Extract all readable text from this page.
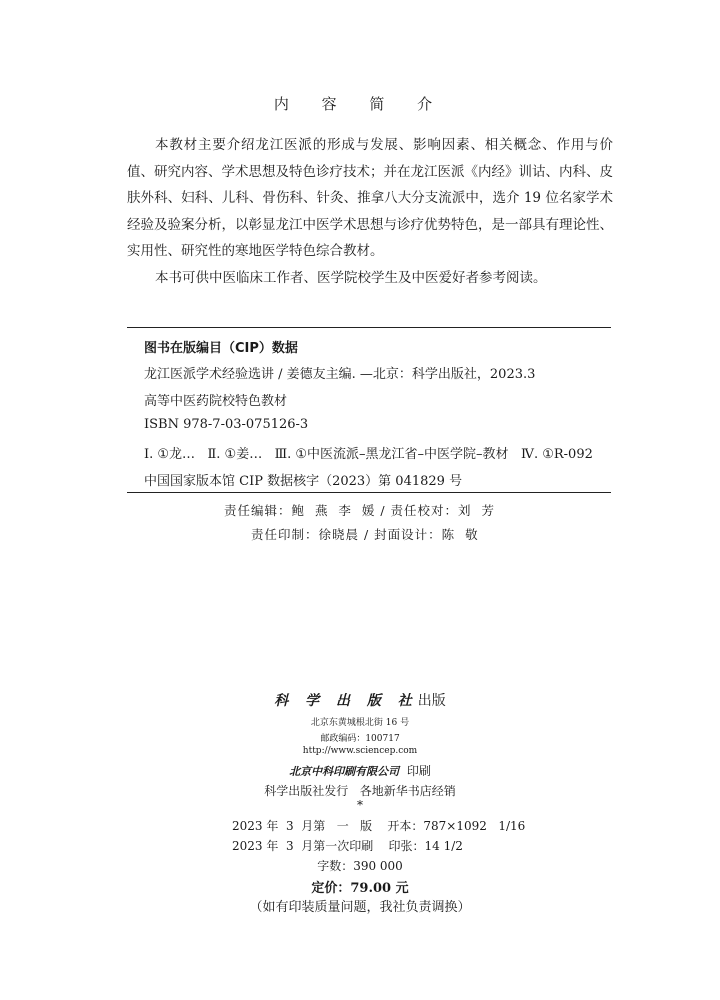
内 容 简 介

本教材主要介绍龙江医派的形成与发展、影响因素、相关概念、作用与价值、研究内容、学术思想及特色诊疗技术；并在龙江医派《内经》训诂、内科、皮肤外科、妇科、儿科、骨伤科、针灸、推拿八大分支流派中，选介 19 位名家学术经验及验案分析，以彰显龙江中医学术思想与诊疗优势特色，是一部具有理论性、实用性、研究性的寒地医学特色综合教材。

本书可供中医临床工作者、医学院校学生及中医爱好者参考阅读。

图书在版编目（CIP）数据
龙江医派学术经验选讲 / 姜德友主编. —北京：科学出版社，2023.3
高等中医药院校特色教材
ISBN 978-7-03-075126-3
Ⅰ. ①龙…   Ⅱ. ①姜…   Ⅲ. ①中医流派–黑龙江省–中医学院–教材   Ⅳ. ①R-092
中国国家版本馆 CIP 数据核字（2023）第 041829 号
责任编辑：鲍  燕  李  媛 / 责任校对：刘  芳
责任印制：徐晓晨 / 封面设计：陈  敬
科 学 出 版 社出版
北京东黄城根北街 16 号
邮政编码：100717
http://www.sciencep.com
北京中科印刷有限公司 印刷
科学出版社发行   各地新华书店经销
*
2023 年  3  月第   一   版    开本：787×1092   1/16
2023 年  3  月第一次印刷    印张：14 1/2
字数：390 000
定价：79.00 元
（如有印装质量问题，我社负责调换）
